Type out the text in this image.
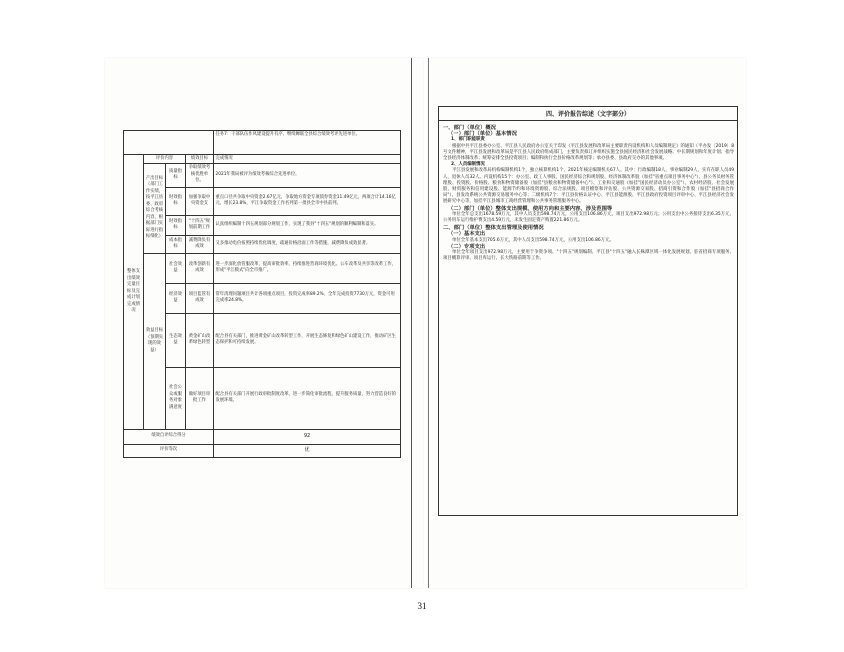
				任务7：干部队伍作风建设提升有序，继续蝉联全县综合绩效考评先进单位。
整体支出绩效完量目标及完成计划完成情况	评价内容		绩效目标	完成情况
	产出目标（部门工作实绩，按平江县委、政府综合考核内容，根据部门实际进行指标细化）	质量指标	争取绩效考核优胜单位。	2021年我局被评为绩效考核综合先进单位。
		时效指标	加强争取中央资金支	重点口径共争取中央资金2.67亿元，争取地方资金专项债券资金11.49亿元，两项合计14.16亿元，增长23.8%，平江争取资金工作名列第一批县全市中县前列。
		时效指标	"十四五"规划前期工作	认真组织编制十四五规划部分规划工作，实现了我县"十四五"规划的顺利编制和落实。
		成本指标	减费降负有成效	又多推动电价按照持续优化调度，疏通价格沿面工作等措施，减费降负成效显著。
	效益目标（预期实现的效益）	社会效益	改革创新有成效	进一步深化放管服改革，提高审批效率，持续推进营商环境优化。公车改革及共享等改革工作，形成"平江模式"向全市推广。
		经济效益	项目监管有成效	常年清理问题项目共计各项重点项目，投资完成率89.2%，全年完成投资7730万元，资金可用完成率24.8%。
		生态效益	黄金矿山改革绿色转型	配合县有关部门，推进黄金矿山改革转型工作，开展生态修复和绿色矿山建设工作，推动矿区生态保护和可持续发展。
		社会公众或服务对象满意度	做好项目审批工作	配合县有关部门开展行政审批制度改革，进一步简化审批流程，提升服务质量，努力营造良好的发展环境。
绩效自评综合得分				92
评价等次				优
四、评价报告综述（文字部分）

一、部门（单位）概况

（一）部门（单位）基本情况

1、部门职能职责

根据中共平江县委办公室、平江县人民政府办公室关于印发《平江县发展和改革局主要职责内设机构和人员编制规定》的通知（平办发〔2019〕8号文件精神，平江县发展和改革局是平江县人民政府组成部门，主要负责拟订并组织实施全县国民经济和社会发展战略、中长期规划和年度计划；指导全县经济体制改革；统筹安排全县投资项目；编制和执行全县价格改革规划等；承办县委、县政府交办的其他事项。

2、人员编制情况

平江县发展和改革局机构编制机构1个，独立核算机构1个，2021年核定编制机关67人。其中：行政编制18人，事业编制29人，实有在职人员49人，退休人员32人。内设机构15个：办公室、政工人事股、国民经济综合和规划股、经济体制改革股（加挂"省重点项目事务中心"）、县公务员财务管理股、投资股、价格股、粮食和物资储备股（加挂"县粮食和物资储备中心"）、工业和交通股（加挂"国民经济动员办公室"）、农村经济股、社会发展股、财贸服务和信用建设股、能源节约和环境资源股、综合法规股、项目稽察和评估股、公共资源交易股、招商引资和合作股（加挂"县招商合作局"）、县发改系统公共资源交易服务中心等；二级机构7个：平江县价格认证中心、平江县能源股、平江县政府投资项目评审中心、平江县经济社会发展研究中心等，加挂平江县城市工商经营管理和公共事务管理服务中心。

（二）部门（单位）整体支出规模、使用方向和主要内容、涉及范围等

单位全年总支出1678.59万元，其中人员支出598.74万元，公用支出106.86万元，项目支出972.98万元；公用支出中公务接待支出6.35万元，公务用车运行维护费支出4.59万元，未发生固定资产购置221.86万元。

二、部门（单位）整体支出管理及使用情况

（一）基本支出

单位全年基本支出705.6万元，其中人员支出598.74万元，公用支出106.86万元。

（二）专项支出

单位全年项目支出972.98万元，主要用于争资争项、"十四五"规划编制、平江县"十四五"融入长株潭区域一体化发展规划、驻省招商专项服务、项目概算评审、项目库运行、长大铁路前期等工作。

31
